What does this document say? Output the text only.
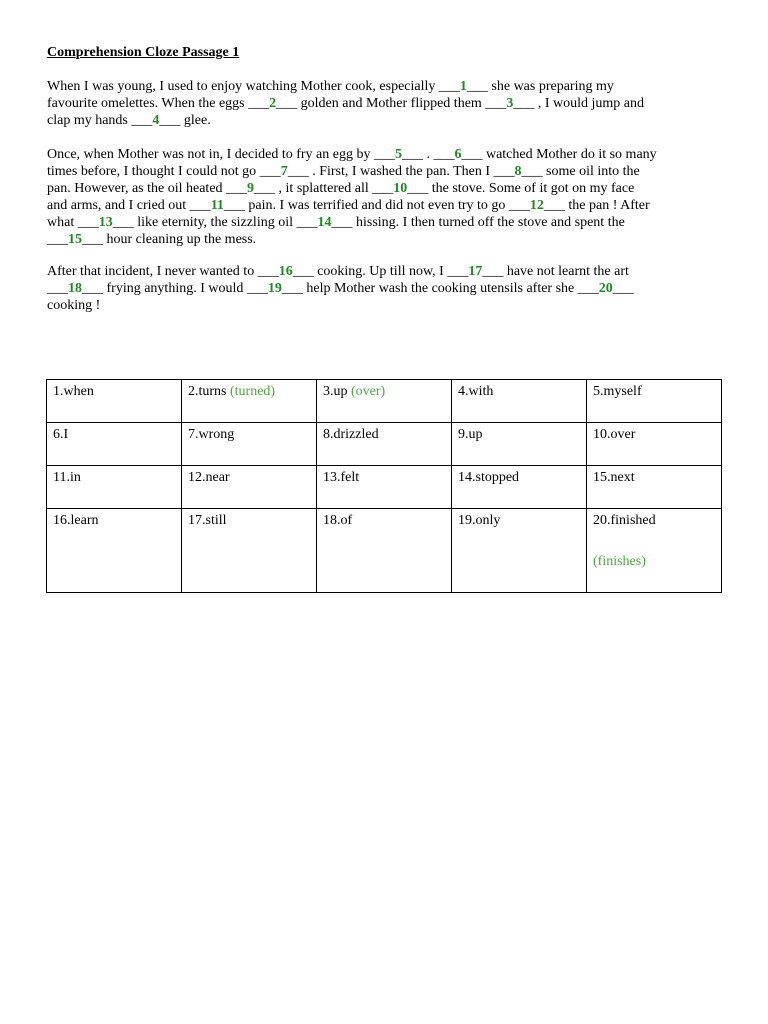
Comprehension Cloze Passage 1
When I was young, I used to enjoy watching Mother cook, especially ___1___ she was preparing my
favourite omelettes. When the eggs ___2___ golden and Mother flipped them ___3___ , I would jump and
clap my hands ___4___ glee.
Once, when Mother was not in, I decided to fry an egg by ___5___ . ___6___ watched Mother do it so many
times before, I thought I could not go ___7___ . First, I washed the pan. Then I ___8___ some oil into the
pan. However, as the oil heated ___9___ , it splattered all ___10___ the stove. Some of it got on my face
and arms, and I cried out ___11___ pain. I was terrified and did not even try to go ___12___ the pan ! After
what ___13___ like eternity, the sizzling oil ___14___ hissing. I then turned off the stove and spent the
___15___ hour cleaning up the mess.
After that incident, I never wanted to ___16___ cooking. Up till now, I ___17___ have not learnt the art
___18___ frying anything. I would ___19___ help Mother wash the cooking utensils after she ___20___
cooking !
1.when	2.turns (turned)	3.up (over)	4.with	5.myself
6.I	7.wrong	8.drizzled	9.up	10.over
11.in	12.near	13.felt	14.stopped	15.next
16.learn	17.still	18.of	19.only	20.finished
(finishes)
